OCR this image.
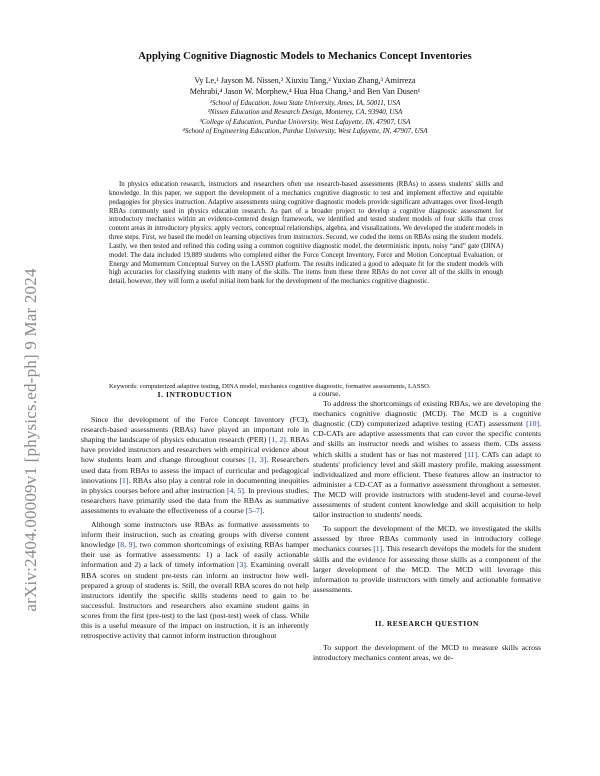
arXiv:2404.00009v1 [physics.ed-ph] 9 Mar 2024
Applying Cognitive Diagnostic Models to Mechanics Concept Inventories
Vy Le,¹ Jayson M. Nissen,² Xiuxiu Tang,³ Yuxiao Zhang,³ Amirreza
Mehrabi,⁴ Jason W. Morphew,⁴ Hua Hua Chang,³ and Ben Van Dusen¹
¹School of Education, Iowa State University, Ames, IA, 50011, USA
²Nissen Education and Research Design, Monterey, CA, 93940, USA
³College of Education, Purdue University, West Lafayette, IN, 47907, USA
⁴School of Engineering Education, Purdue University, West Lafayette, IN, 47907, USA
In physics education research, instructors and researchers often use research-based assessments (RBAs) to assess students' skills and knowledge. In this paper, we support the development of a mechanics cognitive diagnostic to test and implement effective and equitable pedagogies for physics instruction. Adaptive assessments using cognitive diagnostic models provide significant advantages over fixed-length RBAs commonly used in physics education research. As part of a broader project to develop a cognitive diagnostic assessment for introductory mechanics within an evidence-centered design framework, we identified and tested student models of four skills that cross content areas in introductory physics: apply vectors, conceptual relationships, algebra, and visualizations. We developed the student models in three steps. First, we based the model on learning objectives from instructors. Second, we coded the items on RBAs using the student models. Lastly, we then tested and refined this coding using a common cognitive diagnostic model, the deterministic inputs, noisy “and” gate (DINA) model. The data included 19,889 students who completed either the Force Concept Inventory, Force and Motion Conceptual Evaluation, or Energy and Momentum Conceptual Survey on the LASSO platform. The results indicated a good to adequate fit for the student models with high accuracies for classifying students with many of the skills. The items from these three RBAs do not cover all of the skills in enough detail, however, they will form a useful initial item bank for the development of the mechanics cognitive diagnostic.
Keywords: computerized adaptive testing, DINA model, mechanics cognitive diagnostic, formative assessments, LASSO.
I. INTRODUCTION

Since the development of the Force Concept Inventory (FCI), research-based assessments (RBAs) have played an important role in shaping the landscape of physics education research (PER) [1, 2]. RBAs have provided instructors and researchers with empirical evidence about how students learn and change throughout courses [1, 3]. Researchers used data from RBAs to assess the impact of curricular and pedagogical innovations [1]. RBAs also play a central role in documenting inequities in physics courses before and after instruction [4, 5]. In previous studies, researchers have primarily used the data from the RBAs as summative assessments to evaluate the effectiveness of a course [5–7].

Although some instructors use RBAs as formative assessments to inform their instruction, such as creating groups with diverse content knowledge [8, 9], two common shortcomings of existing RBAs hamper their use as formative assessments: 1) a lack of easily actionable information and 2) a lack of timely information [3]. Examining overall RBA scores on student pre-tests can inform an instructor how well-prepared a group of students is. Still, the overall RBA scores do not help instructors identify the specific skills students need to gain to be successful. Instructors and researchers also examine student gains in scores from the first (pre-test) to the last (post-test) week of class. While this is a useful measure of the impact on instruction, it is an inherently retrospective activity that cannot inform instruction throughout

a course.

To address the shortcomings of existing RBAs, we are developing the mechanics cognitive diagnostic (MCD). The MCD is a cognitive diagnostic (CD) computerized adaptive testing (CAT) assessment [10]. CD-CATs are adaptive assessments that can cover the specific contents and skills an instructor needs and wishes to assess them. CDs assess which skills a student has or has not mastered [11]. CATs can adapt to students' proficiency level and skill mastery profile, making assessment individualized and more efficient. These features allow an instructor to administer a CD-CAT as a formative assessment throughout a semester. The MCD will provide instructors with student-level and course-level assessments of student content knowledge and skill acquisition to help tailor instruction to students' needs.

To support the development of the MCD, we investigated the skills assessed by three RBAs commonly used in introductory college mechanics courses [1]. This research develops the models for the student skills and the evidence for assessing those skills as a component of the larger development of the MCD. The MCD will leverage this information to provide instructors with timely and actionable formative assessments.

II. RESEARCH QUESTION

To support the development of the MCD to measure skills across introductory mechanics content areas, we de-
